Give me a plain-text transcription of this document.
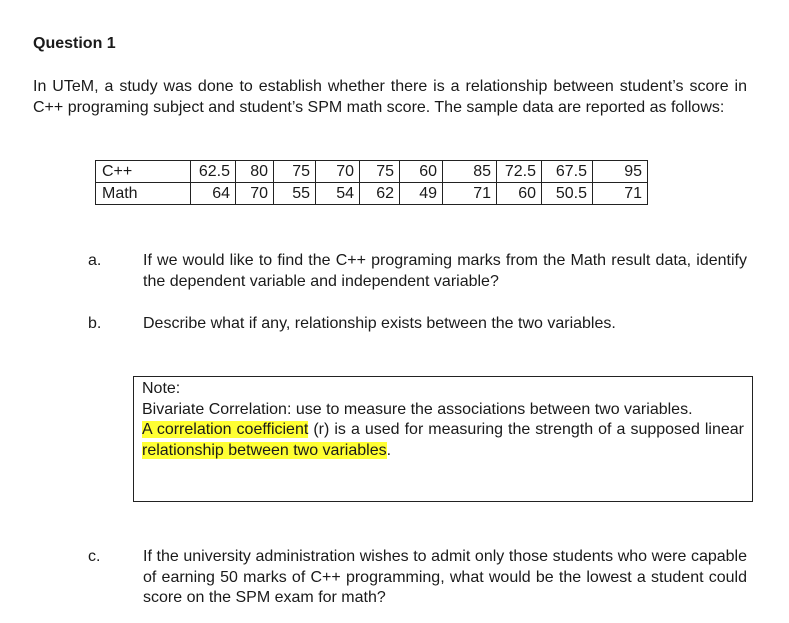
Question 1
In UTeM, a study was done to establish whether there is a relationship between student’s score in C++ programing subject and student’s SPM math score. The sample data are reported as follows:
C++	62.5	80	75	70	75	60	85	72.5	67.5	95
Math	64	70	55	54	62	49	71	60	50.5	71
a.	If we would like to find the C++ programing marks from the Math result data, identify the dependent variable and independent variable?
b.	Describe what if any, relationship exists between the two variables.
Note:
Bivariate Correlation: use to measure the associations between two variables.
A correlation coefficient (r) is a used for measuring the strength of a supposed linear relationship between two variables.
c.	If the university administration wishes to admit only those students who were capable of earning 50 marks of C++ programming, what would be the lowest a student could score on the SPM exam for math?
